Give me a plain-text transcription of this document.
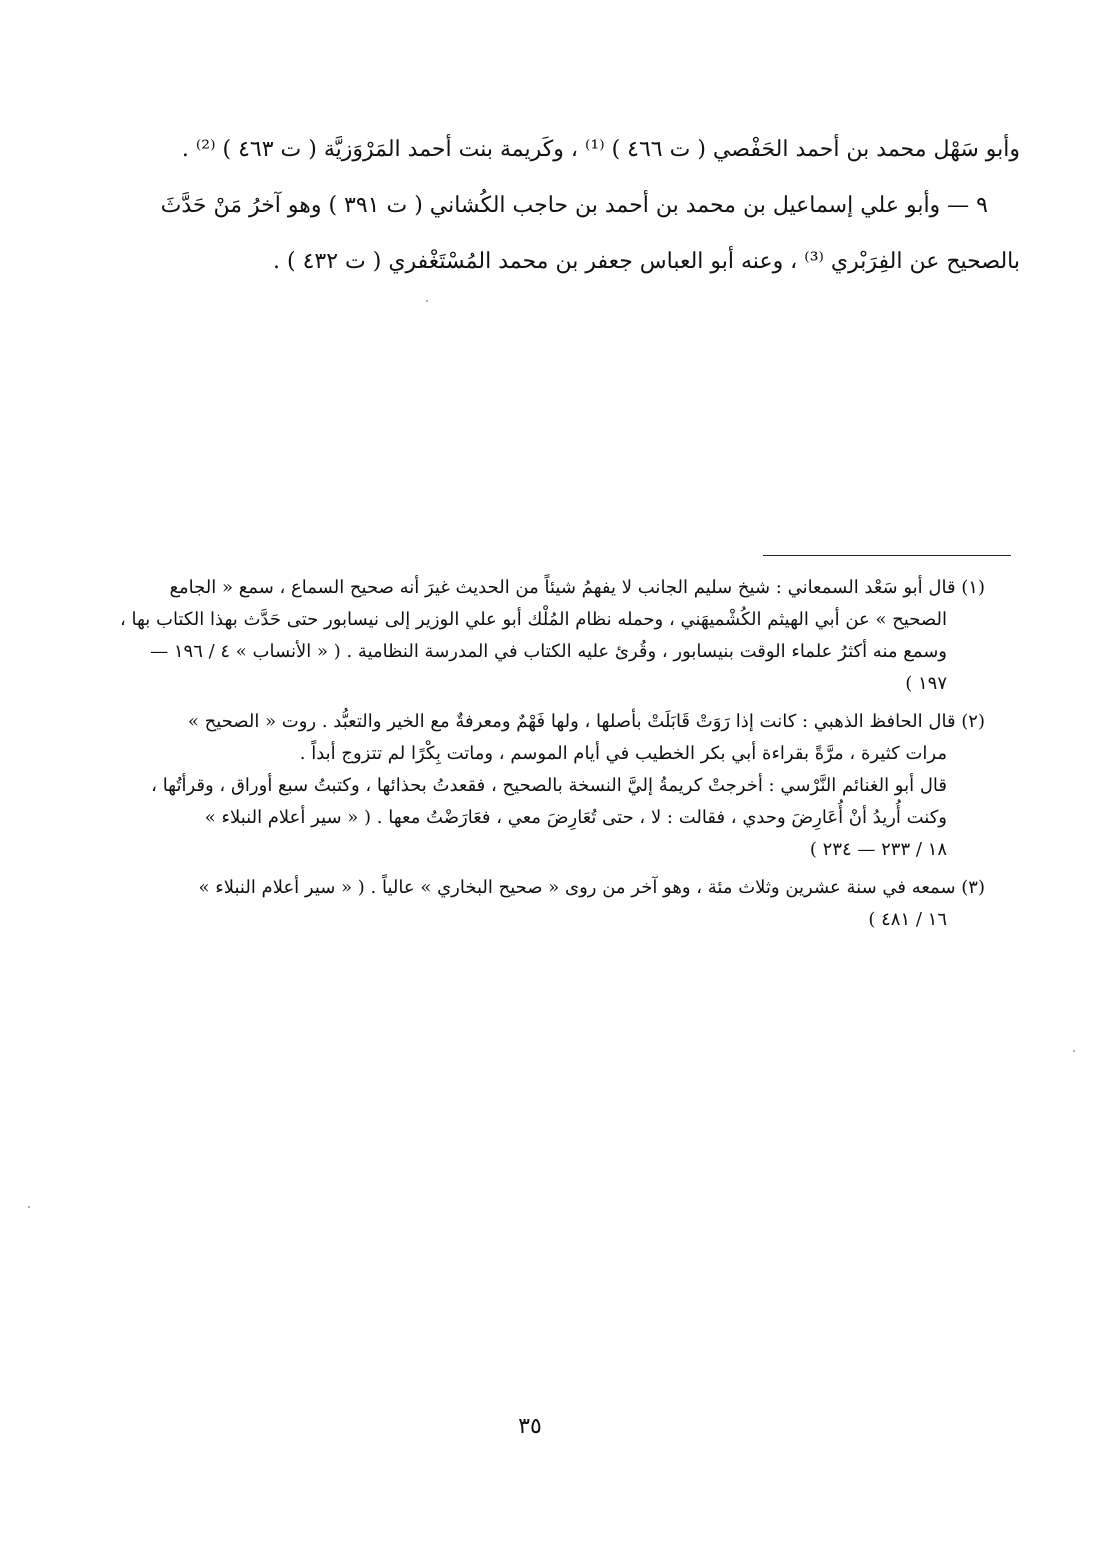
وأبو سَهْل محمد بن أحمد الحَفْصي ( ت ٤٦٦ ) ⁽¹⁾ ، وكَريمة بنت أحمد المَرْوَزيَّة ( ت ٤٦٣ ) ⁽²⁾ .
٩ — وأبو علي إسماعيل بن محمد بن أحمد بن حاجب الكُشاني ( ت ٣٩١ ) وهو آخرُ مَنْ حَدَّثَ
بالصحيح عن الفِرَبْري ⁽³⁾ ، وعنه أبو العباس جعفر بن محمد المُسْتَغْفري ( ت ٤٣٢ ) .
(١) قال أبو سَعْد السمعاني : شيخ سليم الجانب لا يفهمُ شيئاً من الحديث غيرَ أنه صحيح السماع ، سمع « الجامع
الصحيح » عن أبي الهيثم الكُشْميهَني ، وحمله نظام المُلْك أبو علي الوزير إلى نيسابور حتى حَدَّث بهذا الكتاب بها ،
وسمع منه أكثرُ علماء الوقت بنيسابور ، وقُرئ عليه الكتاب في المدرسة النظامية . ( « الأنساب » ٤ / ١٩٦ —
١٩٧ )
(٢) قال الحافظ الذهبي : كانت إذا رَوَتْ قَابَلَتْ بأصلها ، ولها فَهْمٌ ومعرفةٌ مع الخير والتعبُّد . روت « الصحيح »
مرات كثيرة ، مرَّةً بقراءة أبي بكر الخطيب في أيام الموسم ، وماتت بِكْرًا لم تتزوج أبداً .
قال أبو الغنائم النَّرْسي : أخرجتْ كريمةُ إليَّ النسخة بالصحيح ، فقعدتُ بحذائها ، وكتبتُ سبع أوراق ، وقرأتُها ،
وكنت أُريدُ أنْ أُعَارِضَ وحدي ، فقالت : لا ، حتى تُعَارِضَ معي ، فعَارَضْتُ معها . ( « سير أعلام النبلاء »
١٨ / ٢٣٣ — ٢٣٤ )
(٣) سمعه في سنة عشرين وثلاث مئة ، وهو آخر من روى « صحيح البخاري » عالياً . ( « سير أعلام النبلاء »
١٦ / ٤٨١ )
٣٥
